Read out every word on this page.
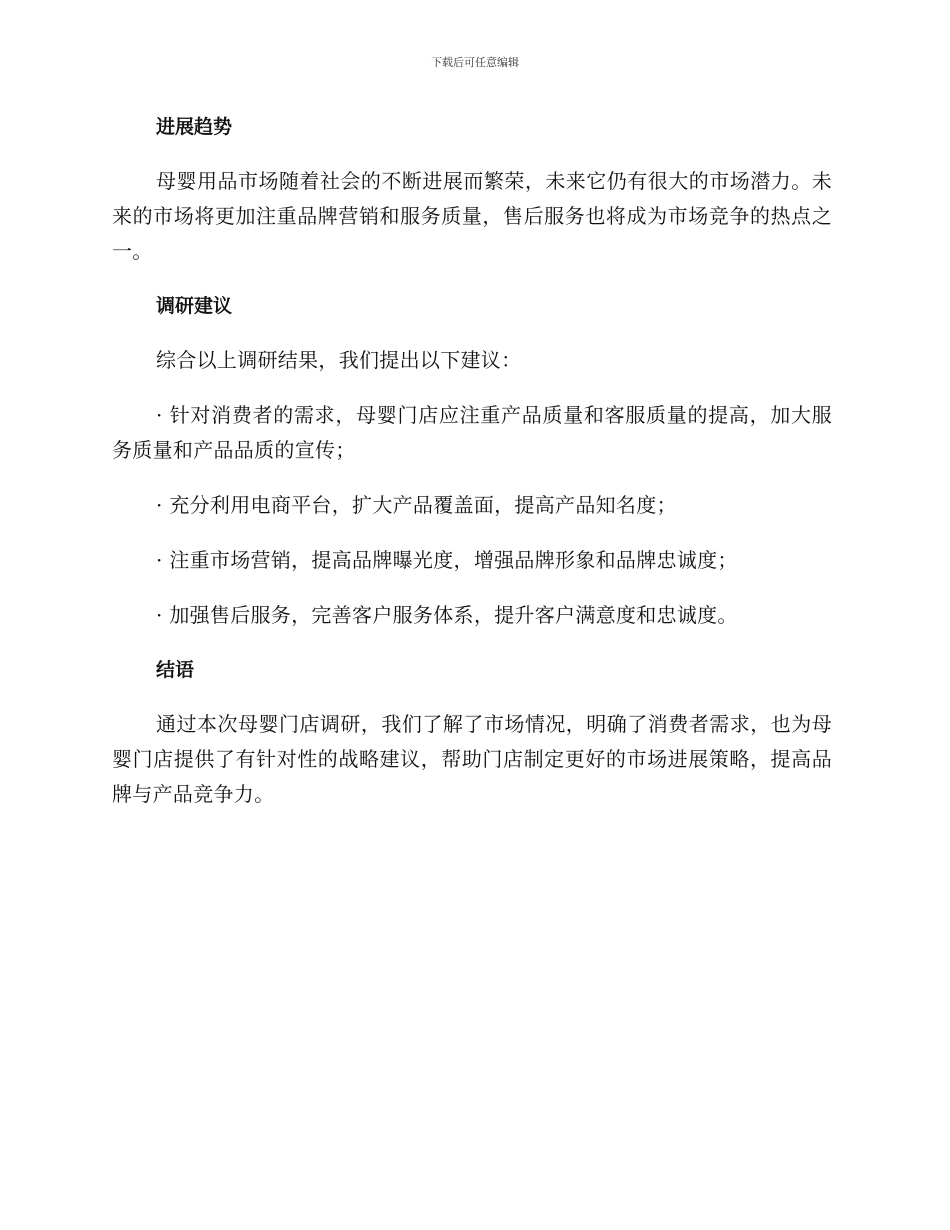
下载后可任意编辑
进展趋势

母婴用品市场随着社会的不断进展而繁荣，未来它仍有很大的市场潜力。未来的市场将更加注重品牌营销和服务质量，售后服务也将成为市场竞争的热点之一。

调研建议

综合以上调研结果，我们提出以下建议：

· 针对消费者的需求，母婴门店应注重产品质量和客服质量的提高，加大服务质量和产品品质的宣传；

· 充分利用电商平台，扩大产品覆盖面，提高产品知名度；

· 注重市场营销，提高品牌曝光度，增强品牌形象和品牌忠诚度；

· 加强售后服务，完善客户服务体系，提升客户满意度和忠诚度。

结语

通过本次母婴门店调研，我们了解了市场情况，明确了消费者需求，也为母婴门店提供了有针对性的战略建议，帮助门店制定更好的市场进展策略，提高品牌与产品竞争力。
